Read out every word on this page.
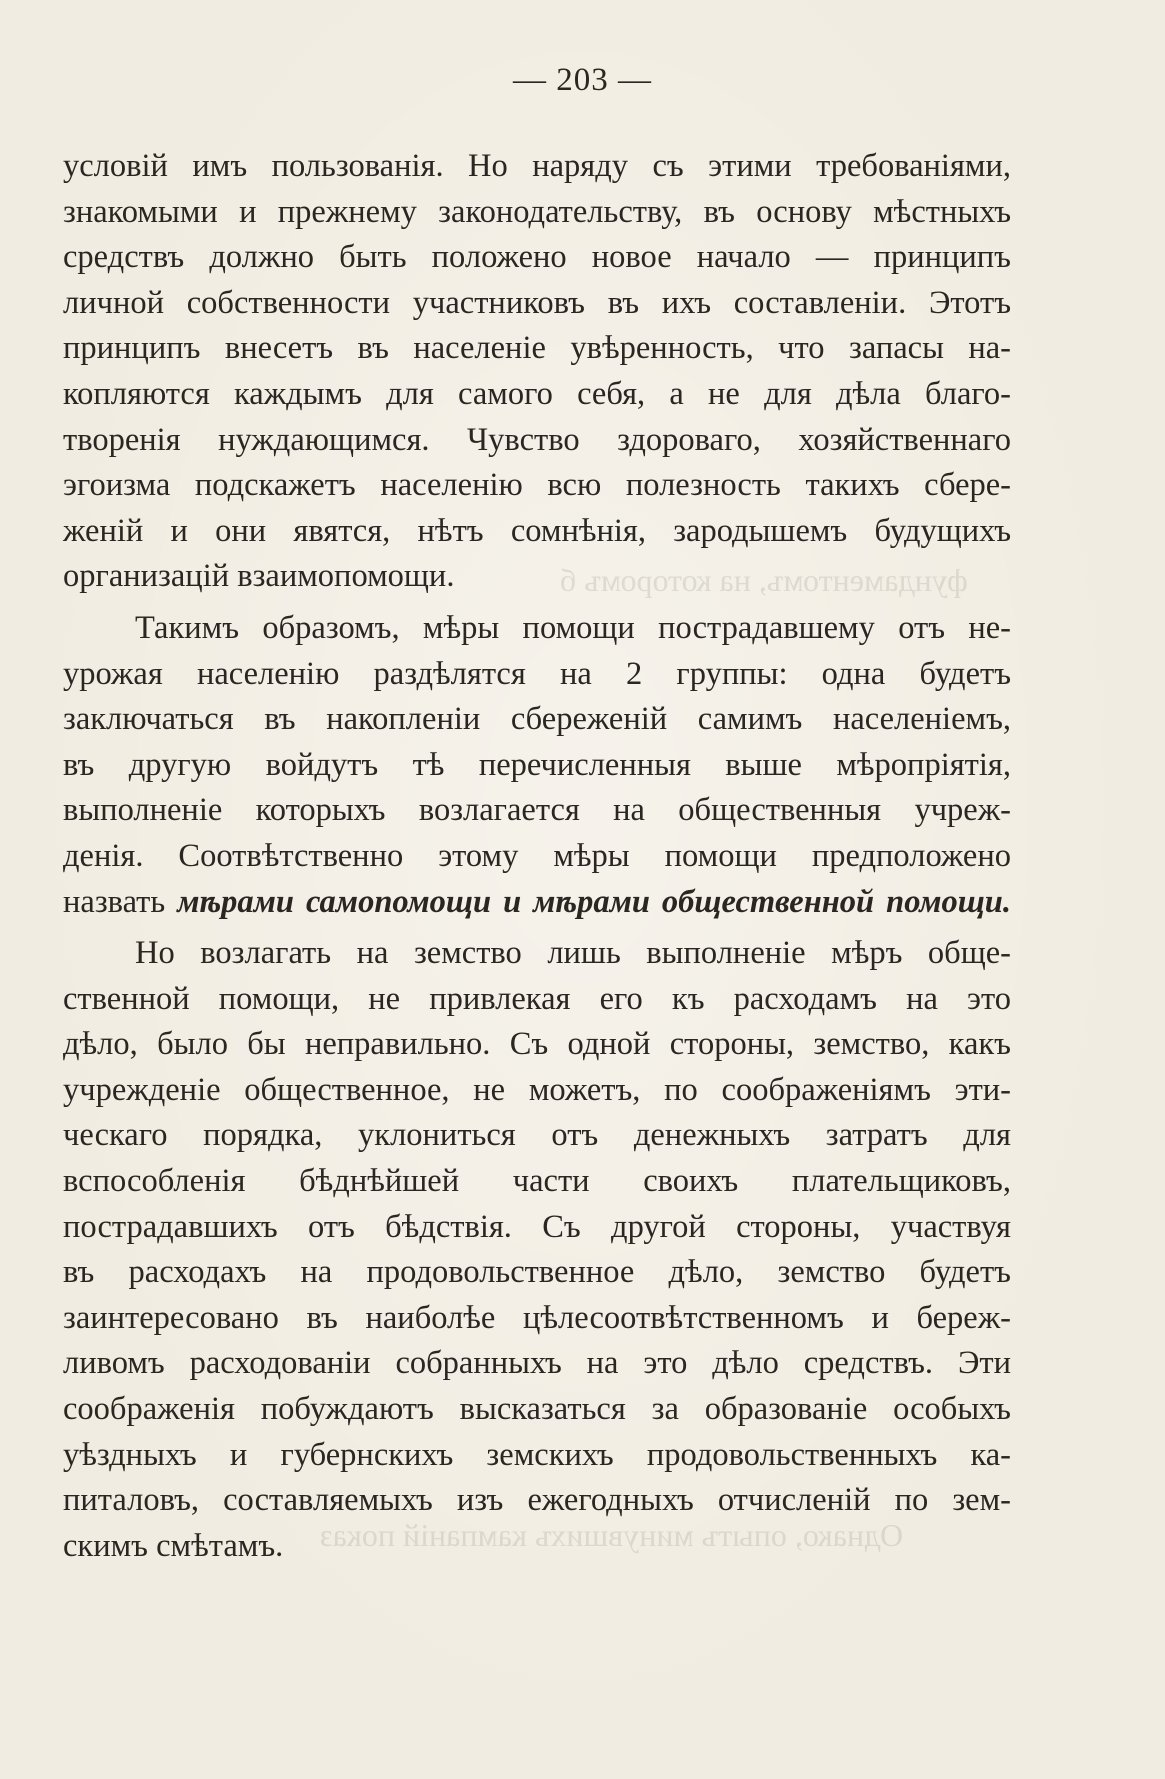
фундаментомъ, на которомъ б
Однако, опытъ минувшихъ кампаній показ
— 203 —
условій имъ пользованія. Но наряду съ этими требованіями,
знакомыми и прежнему законодательству, въ основу мѣстныхъ
средствъ должно быть положено новое начало — принципъ
личной собственности участниковъ въ ихъ составленіи. Этотъ
принципъ внесетъ въ населеніе увѣренность, что запасы на-
копляются каждымъ для самого себя, а не для дѣла благо-
творенія нуждающимся. Чувство здороваго, хозяйственнаго
эгоизма подскажетъ населенію всю полезность такихъ сбере-
женій и они явятся, нѣтъ сомнѣнія, зародышемъ будущихъ
организацій взаимопомощи.
Такимъ образомъ, мѣры помощи пострадавшему отъ не-
урожая населенію раздѣлятся на 2 группы: одна будетъ
заключаться въ накопленіи сбереженій самимъ населеніемъ,
въ другую войдутъ тѣ перечисленныя выше мѣропріятія,
выполненіе которыхъ возлагается на общественныя учреж-
денія. Соотвѣтственно этому мѣры помощи предположено
назвать мѣрами самопомощи и мѣрами общественной помощи.
Но возлагать на земство лишь выполненіе мѣръ обще-
ственной помощи, не привлекая его къ расходамъ на это
дѣло, было бы неправильно. Съ одной стороны, земство, какъ
учрежденіе общественное, не можетъ, по соображеніямъ эти-
ческаго порядка, уклониться отъ денежныхъ затратъ для
вспособленія бѣднѣйшей части своихъ плательщиковъ,
пострадавшихъ отъ бѣдствія. Съ другой стороны, участвуя
въ расходахъ на продовольственное дѣло, земство будетъ
заинтересовано въ наиболѣе цѣлесоотвѣтственномъ и береж-
ливомъ расходованіи собранныхъ на это дѣло средствъ. Эти
соображенія побуждаютъ высказаться за образованіе особыхъ
уѣздныхъ и губернскихъ земскихъ продовольственныхъ ка-
питаловъ, составляемыхъ изъ ежегодныхъ отчисленій по зем-
скимъ смѣтамъ.
